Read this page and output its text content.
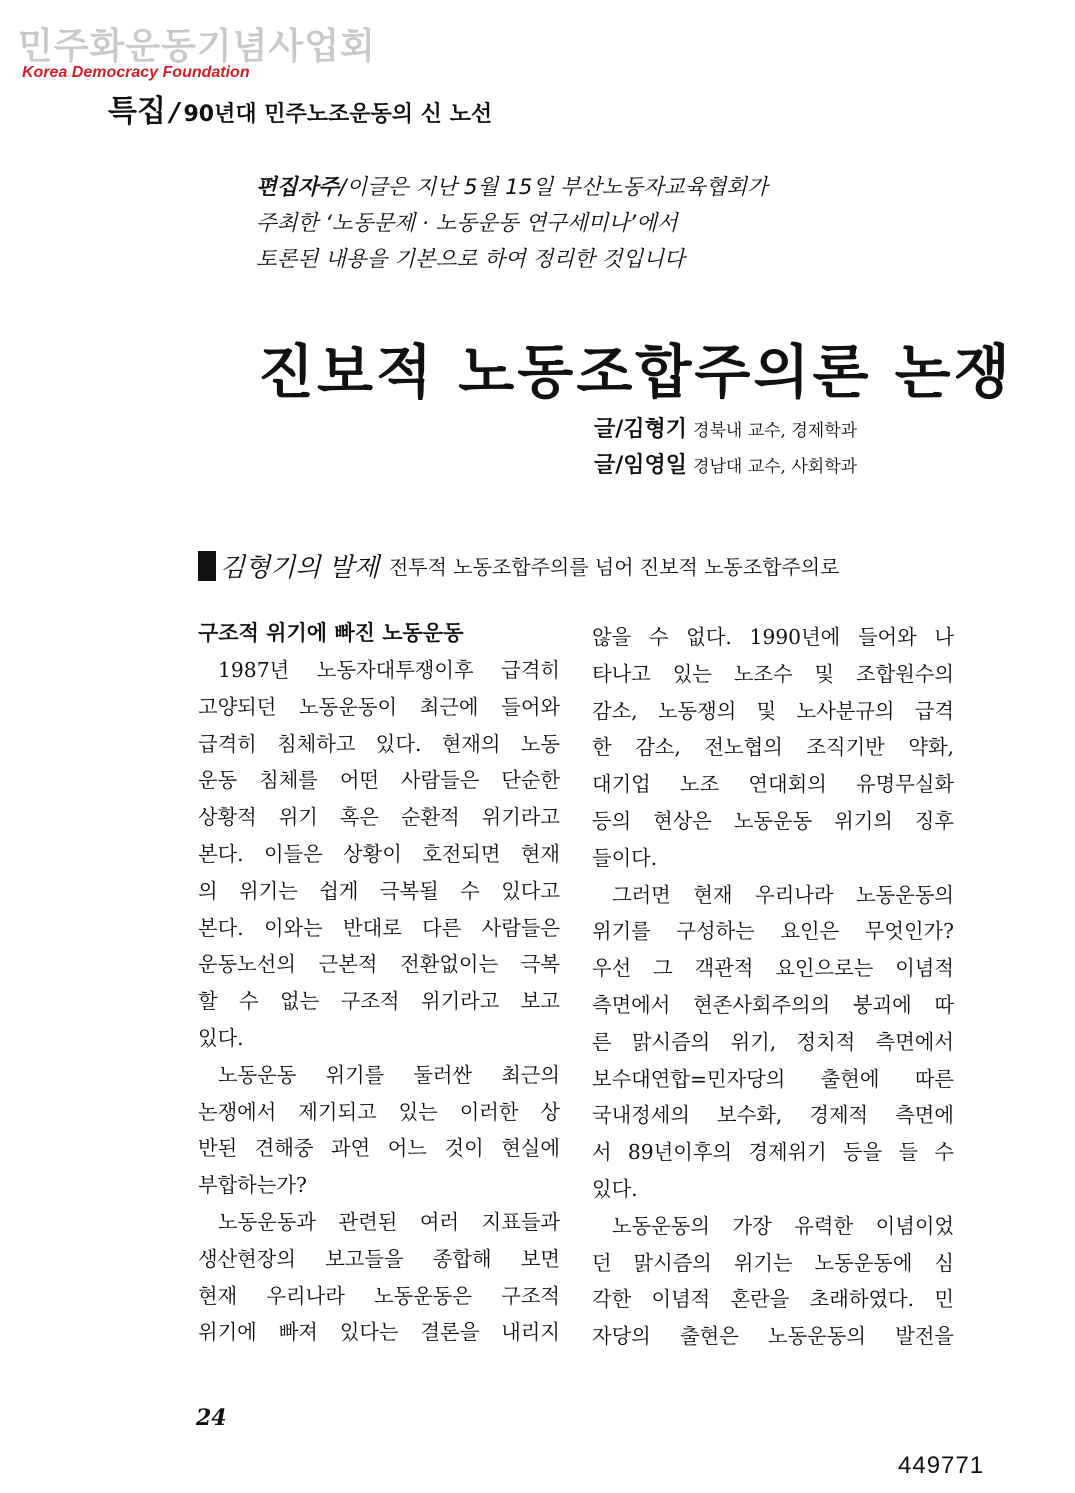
민주화운동기념사업회
Korea Democracy Foundation
특집 / 90년대 민주노조운동의 신 노선
편집자주/이글은 지난 5월 15일 부산노동자교육협회가
주최한 ‘노동문제 · 노동운동 연구세미나’에서
토론된 내용을 기본으로 하여 정리한 것입니다
진보적 노동조합주의론 논쟁
글/김형기 경북내 교수, 경제학과
글/임영일 경남대 교수, 사회학과
김형기의 발제 전투적 노동조합주의를 넘어 진보적 노동조합주의로
구조적 위기에 빠진 노동운동
1987년 노동자대투쟁이후 급격히
고양되던 노동운동이 최근에 들어와
급격히 침체하고 있다. 현재의 노동
운동 침체를 어떤 사람들은 단순한
상황적 위기 혹은 순환적 위기라고
본다. 이들은 상황이 호전되면 현재
의 위기는 쉽게 극복될 수 있다고
본다. 이와는 반대로 다른 사람들은
운동노선의 근본적 전환없이는 극복
할 수 없는 구조적 위기라고 보고
있다.
노동운동 위기를 둘러싼 최근의
논쟁에서 제기되고 있는 이러한 상
반된 견해중 과연 어느 것이 현실에
부합하는가?
노동운동과 관련된 여러 지표들과
생산현장의 보고들을 종합해 보면
현재 우리나라 노동운동은 구조적
위기에 빠져 있다는 결론을 내리지
않을 수 없다. 1990년에 들어와 나
타나고 있는 노조수 및 조합원수의
감소, 노동쟁의 및 노사분규의 급격
한 감소, 전노협의 조직기반 약화,
대기업 노조 연대회의 유명무실화
등의 현상은 노동운동 위기의 징후
들이다.
그러면 현재 우리나라 노동운동의
위기를 구성하는 요인은 무엇인가?
우선 그 객관적 요인으로는 이념적
측면에서 현존사회주의의 붕괴에 따
른 맑시즘의 위기, 정치적 측면에서
보수대연합=민자당의 출현에 따른
국내정세의 보수화, 경제적 측면에
서 89년이후의 경제위기 등을 들 수
있다.
노동운동의 가장 유력한 이념이었
던 맑시즘의 위기는 노동운동에 심
각한 이념적 혼란을 초래하였다. 민
자당의 출현은 노동운동의 발전을
24
449771
